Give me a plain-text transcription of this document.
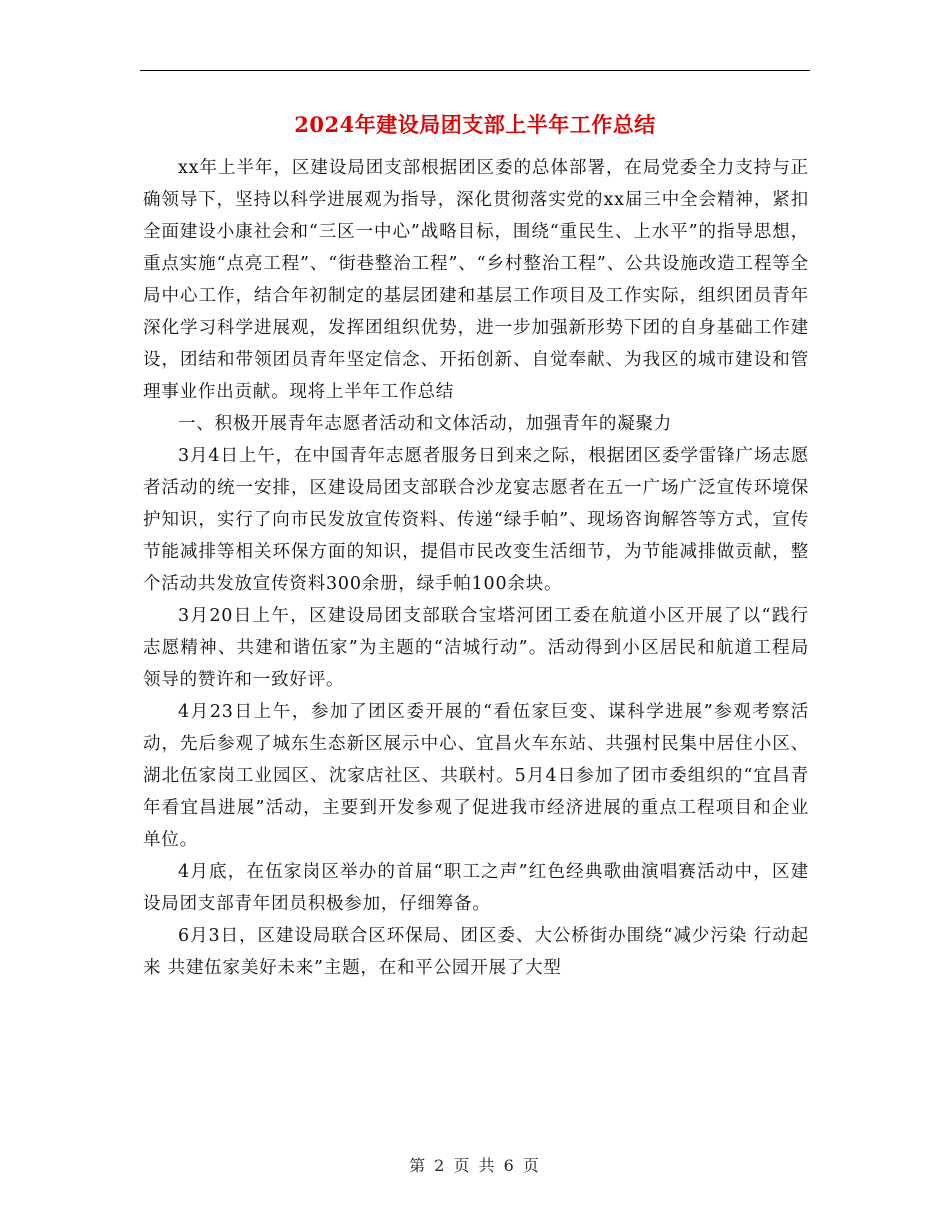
2024年建设局团支部上半年工作总结

xx年上半年，区建设局团支部根据团区委的总体部署，在局党委全力支持与正确领导下，坚持以科学进展观为指导，深化贯彻落实党的xx届三中全会精神，紧扣全面建设小康社会和“三区一中心”战略目标，围绕“重民生、上水平”的指导思想，重点实施“点亮工程”、“街巷整治工程”、“乡村整治工程”、公共设施改造工程等全局中心工作，结合年初制定的基层团建和基层工作项目及工作实际，组织团员青年深化学习科学进展观，发挥团组织优势，进一步加强新形势下团的自身基础工作建设，团结和带领团员青年坚定信念、开拓创新、自觉奉献、为我区的城市建设和管理事业作出贡献。现将上半年工作总结

一、积极开展青年志愿者活动和文体活动，加强青年的凝聚力

3月4日上午，在中国青年志愿者服务日到来之际，根据团区委学雷锋广场志愿者活动的统一安排，区建设局团支部联合沙龙宴志愿者在五一广场广泛宣传环境保护知识，实行了向市民发放宣传资料、传递“绿手帕”、现场咨询解答等方式，宣传节能减排等相关环保方面的知识，提倡市民改变生活细节，为节能减排做贡献，整个活动共发放宣传资料300余册，绿手帕100余块。

3月20日上午，区建设局团支部联合宝塔河团工委在航道小区开展了以“践行志愿精神、共建和谐伍家”为主题的“洁城行动”。活动得到小区居民和航道工程局领导的赞许和一致好评。

4月23日上午，参加了团区委开展的“看伍家巨变、谋科学进展”参观考察活动，先后参观了城东生态新区展示中心、宜昌火车东站、共强村民集中居住小区、湖北伍家岗工业园区、沈家店社区、共联村。5月4日参加了团市委组织的“宜昌青年看宜昌进展”活动，主要到开发参观了促进我市经济进展的重点工程项目和企业单位。

4月底，在伍家岗区举办的首届“职工之声”红色经典歌曲演唱赛活动中，区建设局团支部青年团员积极参加，仔细筹备。

6月3日，区建设局联合区环保局、团区委、大公桥街办围绕“减少污染 行动起来 共建伍家美好未来”主题，在和平公园开展了大型

第 2 页 共 6 页
